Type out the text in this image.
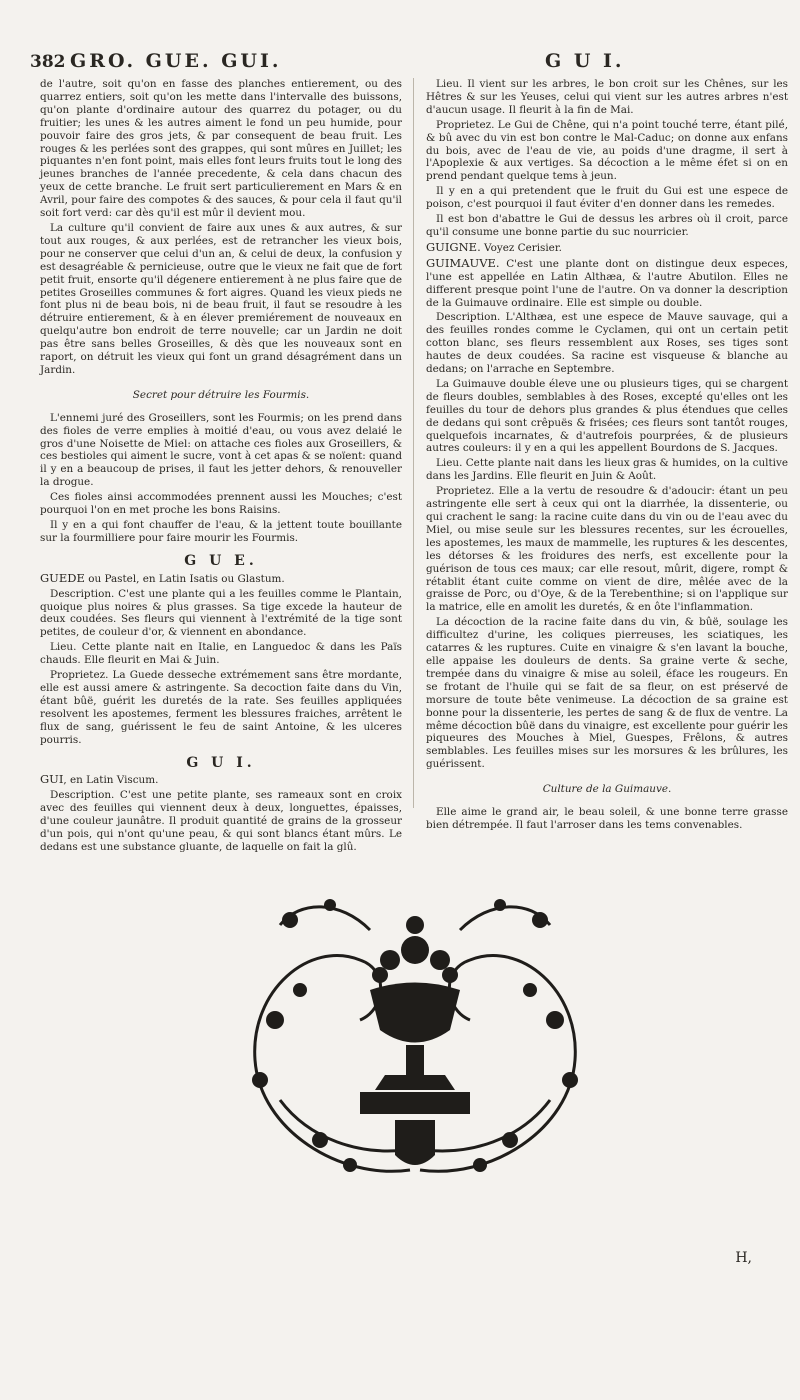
382 GRO. GUE. GUI.	G U I.

de l'autre, soit qu'on en fasse des planches entierement, ou des quarrez entiers, soit qu'on les mette dans l'intervalle des buissons, qu'on plante d'ordinaire autour des quarrez du potager, ou du fruitier; les unes & les autres aiment le fond un peu humide, pour pouvoir faire des gros jets, & par consequent de beau fruit. Les rouges & les perlées sont des grappes, qui sont mûres en Juillet; les piquantes n'en font point, mais elles font leurs fruits tout le long des jeunes branches de l'année precedente, & cela dans chacun des yeux de cette branche. Le fruit sert particulierement en Mars & en Avril, pour faire des compotes & des sauces, & pour cela il faut qu'il soit fort verd: car dès qu'il est mûr il devient mou.

La culture qu'il convient de faire aux unes & aux autres, & sur tout aux rouges, & aux perlées, est de retrancher les vieux bois, pour ne conserver que celui d'un an, & celui de deux, la confusion y est desagréable & pernicieuse, outre que le vieux ne fait que de fort petit fruit, ensorte qu'il dégenere entierement à ne plus faire que de petites Groseilles communes & fort aigres. Quand les vieux pieds ne font plus ni de beau bois, ni de beau fruit, il faut se resoudre à les détruire entierement, & à en élever premiérement de nouveaux en quelqu'autre bon endroit de terre nouvelle; car un Jardin ne doit pas être sans belles Groseilles, & dès que les nouveaux sont en raport, on détruit les vieux qui font un grand désagrément dans un Jardin.

Secret pour détruire les Fourmis.

L'ennemi juré des Groseillers, sont les Fourmis; on les prend dans des fioles de verre emplies à moitié d'eau, ou vous avez delaié le gros d'une Noisette de Miel: on attache ces fioles aux Groseillers, & ces bestioles qui aiment le sucre, vont à cet apas & se noïent: quand il y en a beaucoup de prises, il faut les jetter dehors, & renouveller la drogue.

Ces fioles ainsi accommodées prennent aussi les Mouches; c'est pourquoi l'on en met proche les bons Raisins.

Il y en a qui font chauffer de l'eau, & la jettent toute bouillante sur la fourmilliere pour faire mourir les Fourmis.

G U E.

GUEDE ou Pastel, en Latin Isatis ou Glastum.

Description. C'est une plante qui a les feuilles comme le Plantain, quoique plus noires & plus grasses. Sa tige excede la hauteur de deux coudées. Ses fleurs qui viennent à l'extrémité de la tige sont petites, de couleur d'or, & viennent en abondance.

Lieu. Cette plante nait en Italie, en Languedoc & dans les Païs chauds. Elle fleurit en Mai & Juin.

Proprietez. La Guede desseche extrémement sans être mordante, elle est aussi amere & astringente. Sa decoction faite dans du Vin, étant bûë, guérit les duretés de la rate. Ses feuilles appliquées resolvent les apostemes, ferment les blessures fraiches, arrêtent le flux de sang, guérissent le feu de saint Antoine, & les ulceres pourris.

G U I.

GUI, en Latin Viscum.

Description. C'est une petite plante, ses rameaux sont en croix avec des feuilles qui viennent deux à deux, longuettes, épaisses, d'une couleur jaunâtre. Il produit quantité de grains de la grosseur d'un pois, qui n'ont qu'une peau, & qui sont blancs étant mûrs. Le dedans est une substance gluante, de laquelle on fait la glû.

Lieu. Il vient sur les arbres, le bon croit sur les Chênes, sur les Hêtres & sur les Yeuses, celui qui vient sur les autres arbres n'est d'aucun usage. Il fleurit à la fin de Mai.

Proprietez. Le Gui de Chêne, qui n'a point touché terre, étant pilé, & bû avec du vin est bon contre le Mal-Caduc; on donne aux enfans du bois, avec de l'eau de vie, au poids d'une dragme, il sert à l'Apoplexie & aux vertiges. Sa décoction a le même éfet si on en prend pendant quelque tems à jeun.

Il y en a qui pretendent que le fruit du Gui est une espece de poison, c'est pourquoi il faut éviter d'en donner dans les remedes.

Il est bon d'abattre le Gui de dessus les arbres où il croit, parce qu'il consume une bonne partie du suc nourricier.

GUIGNE. Voyez Cerisier.

GUIMAUVE. C'est une plante dont on distingue deux especes, l'une est appellée en Latin Althæa, & l'autre Abutilon. Elles ne different presque point l'une de l'autre. On va donner la description de la Guimauve ordinaire. Elle est simple ou double.

Description. L'Althæa, est une espece de Mauve sauvage, qui a des feuilles rondes comme le Cyclamen, qui ont un certain petit cotton blanc, ses fleurs ressemblent aux Roses, ses tiges sont hautes de deux coudées. Sa racine est visqueuse & blanche au dedans; on l'arrache en Septembre.

La Guimauve double éleve une ou plusieurs tiges, qui se chargent de fleurs doubles, semblables à des Roses, excepté qu'elles ont les feuilles du tour de dehors plus grandes & plus étendues que celles de dedans qui sont crêpuës & frisées; ces fleurs sont tantôt rouges, quelquefois incarnates, & d'autrefois pourprées, & de plusieurs autres couleurs: il y en a qui les appellent Bourdons de S. Jacques.

Lieu. Cette plante nait dans les lieux gras & humides, on la cultive dans les Jardins. Elle fleurit en Juin & Août.

Proprietez. Elle a la vertu de resoudre & d'adoucir: étant un peu astringente elle sert à ceux qui ont la diarrhée, la dissenterie, ou qui crachent le sang: la racine cuite dans du vin ou de l'eau avec du Miel, ou mise seule sur les blessures recentes, sur les écrouelles, les apostemes, les maux de mammelle, les ruptures & les descentes, les détorses & les froidures des nerfs, est excellente pour la guérison de tous ces maux; car elle resout, mûrit, digere, rompt & rétablit étant cuite comme on vient de dire, mêlée avec de la graisse de Porc, ou d'Oye, & de la Terebenthine; si on l'applique sur la matrice, elle en amolit les duretés, & en ôte l'inflammation.

La décoction de la racine faite dans du vin, & bûë, soulage les difficultez d'urine, les coliques pierreuses, les sciatiques, les catarres & les ruptures. Cuite en vinaigre & s'en lavant la bouche, elle appaise les douleurs de dents. Sa graine verte & seche, trempée dans du vinaigre & mise au soleil, éface les rougeurs. En se frotant de l'huile qui se fait de sa fleur, on est préservé de morsure de toute bête venimeuse. La décoction de sa graine est bonne pour la dissenterie, les pertes de sang & de flux de ventre. La même décoction bûë dans du vinaigre, est excellente pour guérir les piqueures des Mouches à Miel, Guespes, Frêlons, & autres semblables. Les feuilles mises sur les morsures & les brûlures, les guérissent.

Culture de la Guimauve.

Elle aime le grand air, le beau soleil, & une bonne terre grasse bien détrempée. Il faut l'arroser dans les tems convenables.

H,
